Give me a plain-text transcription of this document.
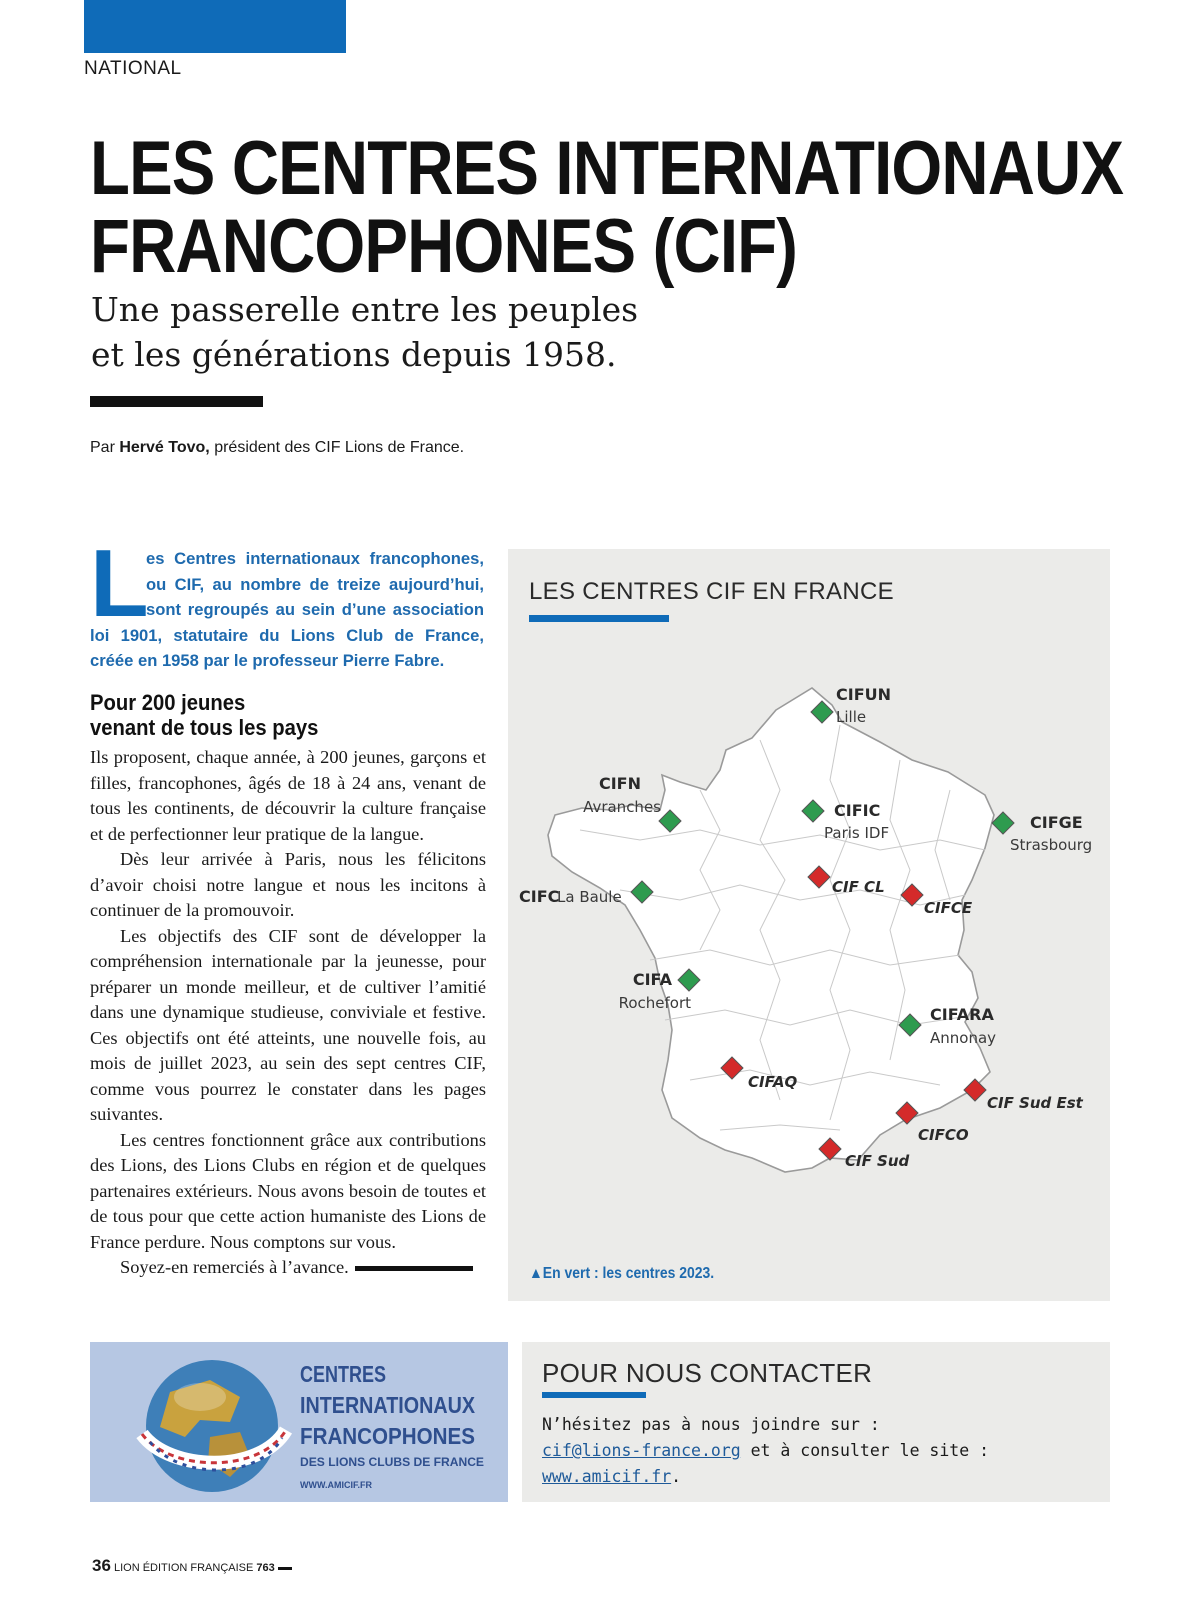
NATIONAL
LES CENTRES INTERNATIONAUX
FRANCOPHONES (CIF)
Une passerelle entre les peuples
et les générations depuis 1958.
Par Hervé Tovo, président des CIF Lions de France.
L
es Centres internationaux francophones, ou CIF, au nombre de treize aujourd’hui, sont regroupés au sein d’une association loi 1901, statutaire du Lions Club de France, créée en 1958 par le professeur Pierre Fabre.
Pour 200 jeunes
venant de tous les pays

Ils proposent, chaque année, à 200 jeunes, garçons et filles, francophones, âgés de 18 à 24 ans, venant de tous les continents, de découvrir la culture française et de perfectionner leur pratique de la langue.

Dès leur arrivée à Paris, nous les félicitons d’avoir choisi notre langue et nous les incitons à continuer de la promouvoir.

Les objectifs des CIF sont de développer la compréhension internationale par la jeunesse, pour préparer un monde meilleur, et de cultiver l’amitié dans une dynamique studieuse, conviviale et festive. Ces objectifs ont été atteints, une nouvelle fois, au mois de juillet 2023, au sein des sept centres CIF, comme vous pourrez le constater dans les pages suivantes.

Les centres fonctionnent grâce aux contributions des Lions, des Lions Clubs en région et de quelques partenaires extérieurs. Nous avons besoin de toutes et de tous pour que cette action humaniste des Lions de France perdure. Nous comptons sur vous.

Soyez-en remerciés à l’avance.

LES CENTRES CIF EN FRANCE
CIFUN
Lille
CIFN
Avranches	CIFIC
Paris IDF
CIFGE
Strasbourg
CIFC
La Baule
CIF CL
CIFCE
CIFA
Rochefort
CIFARA
Annonay
CIFAQ
CIF Sud Est
CIFCO
CIF Sud
▲En vert : les centres 2023.
CENTRES
INTERNATIONAUX
FRANCOPHONES
DES LIONS CLUBS DE FRANCE
WWW.AMICIF.FR
POUR NOUS CONTACTER
N’hésitez pas à nous joindre sur :
cif@lions-france.org et à consulter le site :
www.amicif.fr.
36 LION ÉDITION FRANÇAISE 763
